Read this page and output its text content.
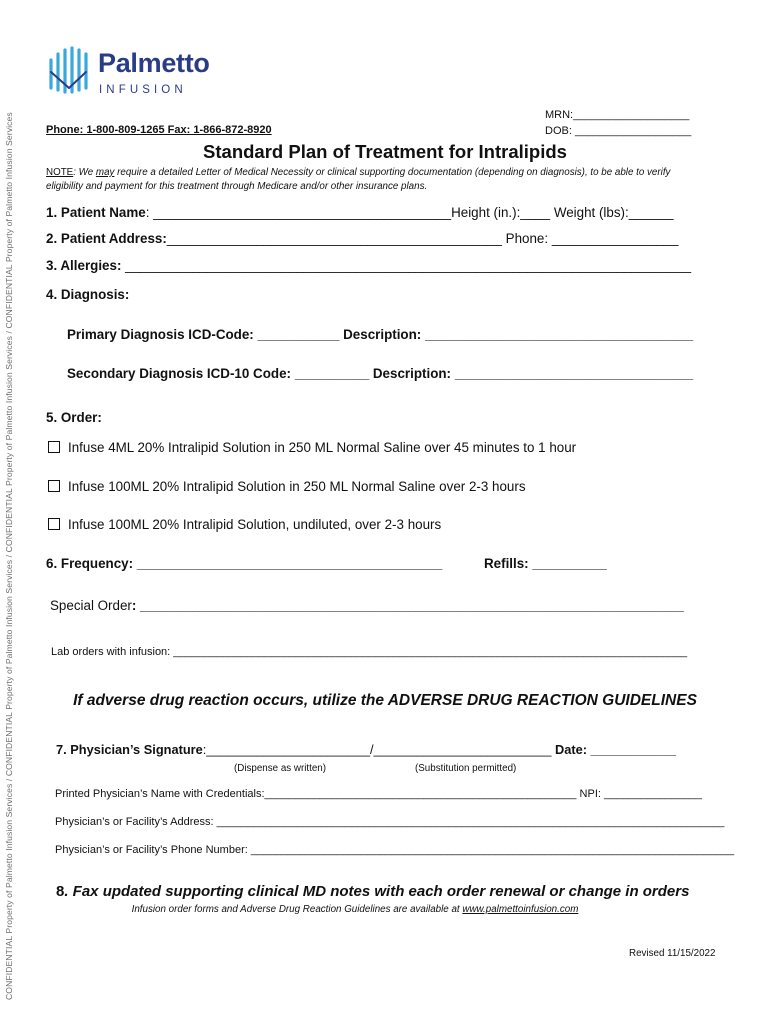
CONFIDENTIAL Property of Palmetto Infusion Services / CONFIDENTIAL Property of Palmetto Infusion Services / CONFIDENTIAL Property of Palmetto Infusion Services / CONFIDENTIAL Property of Palmetto Infusion Services
Palmetto
INFUSION
MRN:___________________
DOB: ___________________
Phone: 1-800-809-1265 Fax: 1-866-872-8920
Standard Plan of Treatment for Intralipids
NOTE: We may require a detailed Letter of Medical Necessity or clinical supporting documentation (depending on diagnosis), to be able to verify eligibility and payment for this treatment through Medicare and/or other insurance plans.
1. Patient Name: ________________________________________Height (in.):____ Weight (lbs):______
2. Patient Address:_____________________________________________ Phone: _________________
3. Allergies: ____________________________________________________________________________
4. Diagnosis:
Primary Diagnosis ICD-Code: ___________ Description: ____________________________________
Secondary Diagnosis ICD-10 Code: __________ Description: ________________________________
5. Order:
Infuse 4ML 20% Intralipid Solution in 250 ML Normal Saline over 45 minutes to 1 hour
Infuse 100ML 20% Intralipid Solution in 250 ML Normal Saline over 2-3 hours
Infuse 100ML 20% Intralipid Solution, undiluted, over 2-3 hours
6. Frequency: _________________________________________	Refills: __________
Special Order: _________________________________________________________________________
Lab orders with infusion: ____________________________________________________________________________________
If adverse drug reaction occurs, utilize the ADVERSE DRUG REACTION GUIDELINES
7. Physician’s Signature:_______________________/_________________________ Date: ____________
(Dispense as written)	(Substitution permitted)
Printed Physician’s Name with Credentials:___________________________________________________ NPI: ________________
Physician’s or Facility’s Address: ___________________________________________________________________________________
Physician’s or Facility’s Phone Number: _______________________________________________________________________________
8. Fax updated supporting clinical MD notes with each order renewal or change in orders
Infusion order forms and Adverse Drug Reaction Guidelines are available at www.palmettoinfusion.com
Revised 11/15/2022
